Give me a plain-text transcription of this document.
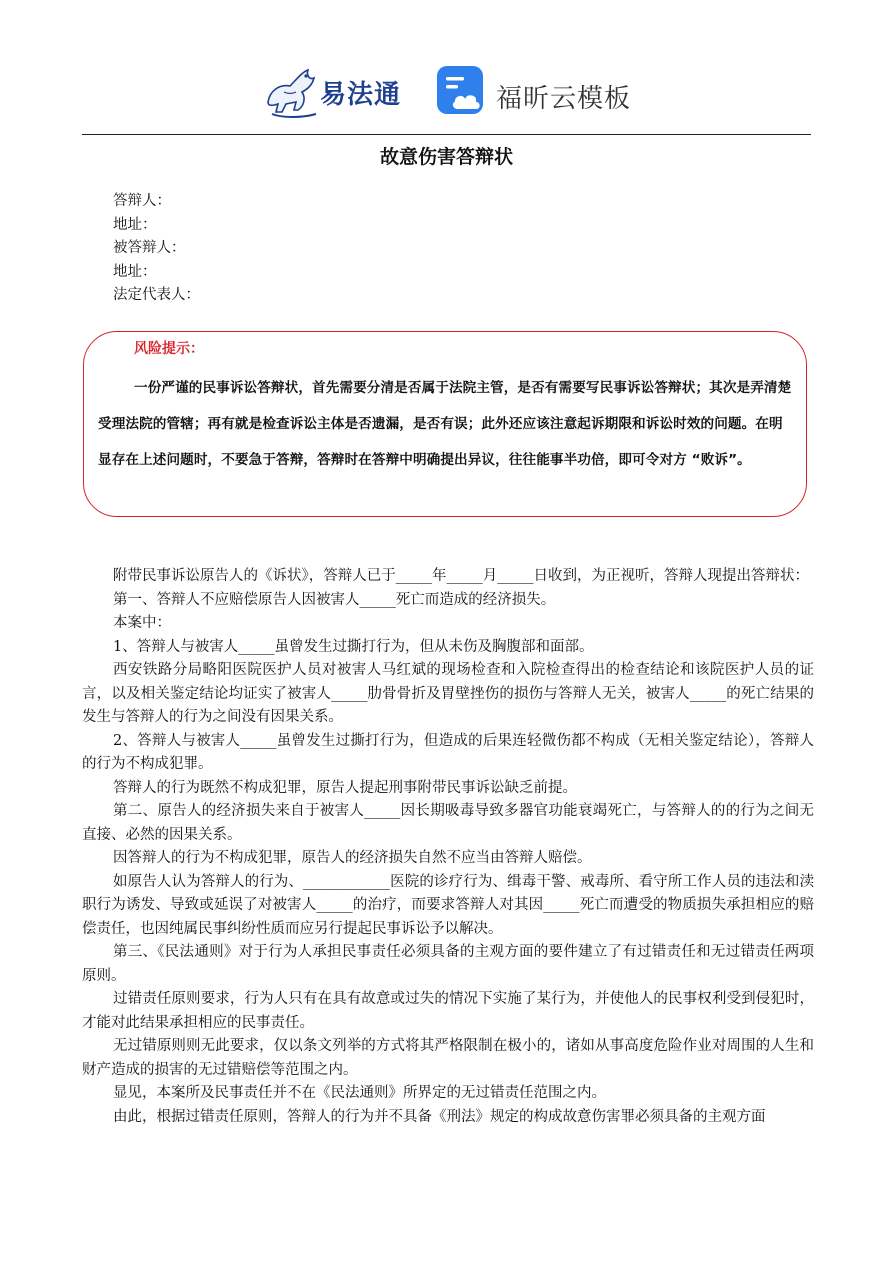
易法通	福昕云模板
故意伤害答辩状
答辩人：
地址：
被答辩人：
地址：
法定代表人：
风险提示：
一份严谨的民事诉讼答辩状，首先需要分清是否属于法院主管，是否有需要写民事诉讼答辩状；其次是弄清楚受理法院的管辖；再有就是检查诉讼主体是否遗漏，是否有误；此外还应该注意起诉期限和诉讼时效的问题。在明显存在上述问题时，不要急于答辩，答辩时在答辩中明确提出异议，往往能事半功倍，即可令对方 “败诉”。

附带民事诉讼原告人的《诉状》，答辩人已于_____年_____月_____日收到，为正视听，答辩人现提出答辩状：

第一、答辩人不应赔偿原告人因被害人_____死亡而造成的经济损失。

本案中：

1、答辩人与被害人_____虽曾发生过撕打行为，但从未伤及胸腹部和面部。

西安铁路分局略阳医院医护人员对被害人马红斌的现场检查和入院检查得出的检查结论和该院医护人员的证言，以及相关鉴定结论均证实了被害人_____肋骨骨折及胃壁挫伤的损伤与答辩人无关，被害人_____的死亡结果的发生与答辩人的行为之间没有因果关系。

2、答辩人与被害人_____虽曾发生过撕打行为，但造成的后果连轻微伤都不构成（无相关鉴定结论），答辩人的行为不构成犯罪。

答辩人的行为既然不构成犯罪，原告人提起刑事附带民事诉讼缺乏前提。

第二、原告人的经济损失来自于被害人_____因长期吸毒导致多器官功能衰竭死亡，与答辩人的的行为之间无直接、必然的因果关系。

因答辩人的行为不构成犯罪，原告人的经济损失自然不应当由答辩人赔偿。

如原告人认为答辩人的行为、____________医院的诊疗行为、缉毒干警、戒毒所、看守所工作人员的违法和渎职行为诱发、导致或延误了对被害人_____的治疗，而要求答辩人对其因_____死亡而遭受的物质损失承担相应的赔偿责任，也因纯属民事纠纷性质而应另行提起民事诉讼予以解决。

第三、《民法通则》对于行为人承担民事责任必须具备的主观方面的要件建立了有过错责任和无过错责任两项原则。

过错责任原则要求，行为人只有在具有故意或过失的情况下实施了某行为，并使他人的民事权利受到侵犯时，才能对此结果承担相应的民事责任。

无过错原则则无此要求，仅以条文列举的方式将其严格限制在极小的，诸如从事高度危险作业对周围的人生和财产造成的损害的无过错赔偿等范围之内。

显见，本案所及民事责任并不在《民法通则》所界定的无过错责任范围之内。

由此，根据过错责任原则，答辩人的行为并不具备《刑法》规定的构成故意伤害罪必须具备的主观方面
